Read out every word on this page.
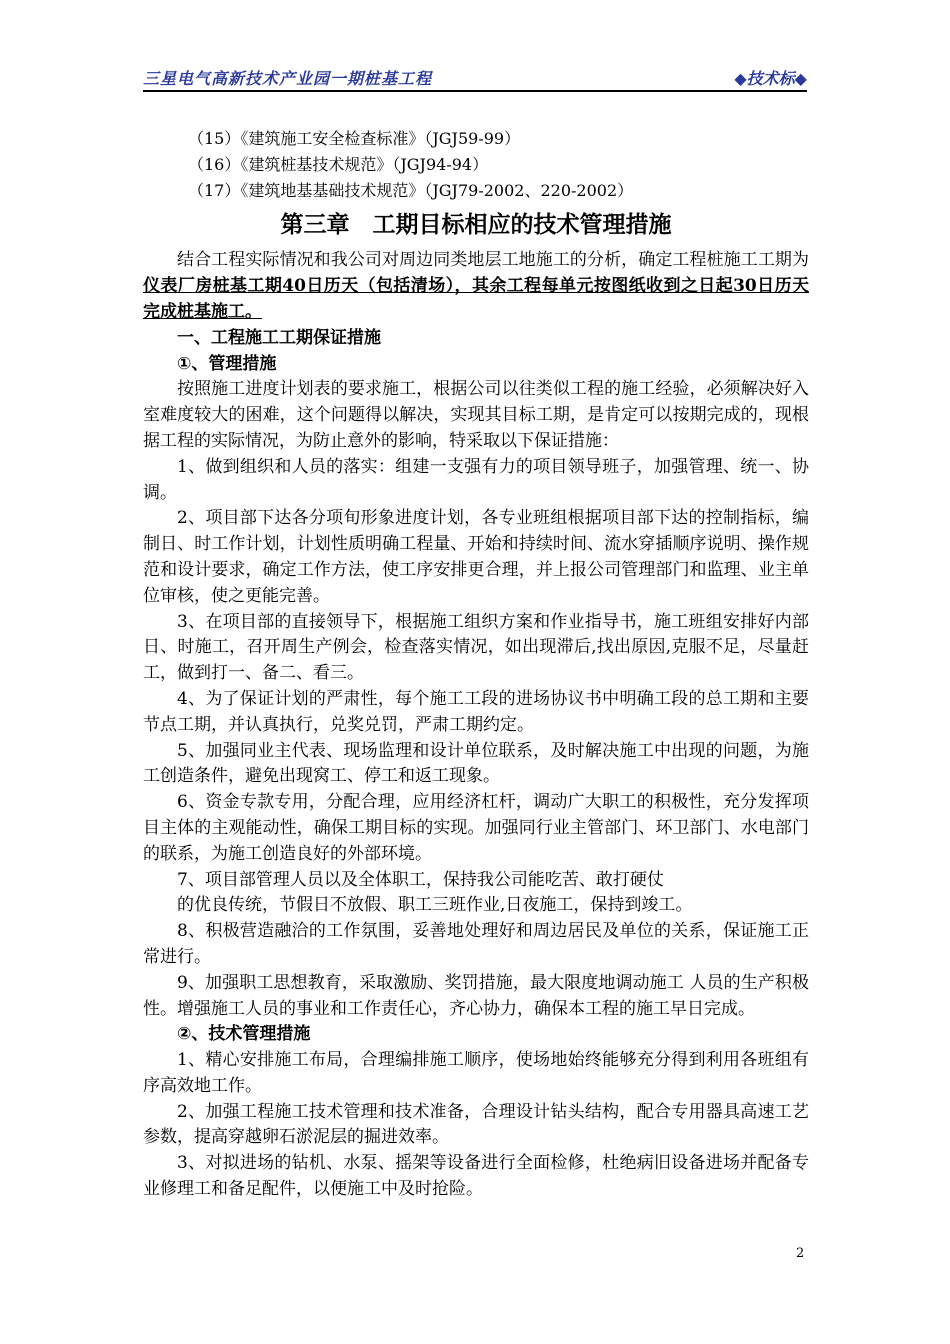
三星电气高新技术产业园一期桩基工程	◆技术标◆
（15）《建筑施工安全检查标准》（JGJ59-99）
（16）《建筑桩基技术规范》（JGJ94-94）
（17）《建筑地基基础技术规范》（JGJ79-2002、220-2002）
第三章　工期目标相应的技术管理措施
结合工程实际情况和我公司对周边同类地层工地施工的分析，确定工程桩施工工期为仪表厂房桩基工期40日历天（包括清场），其余工程每单元按图纸收到之日起30日历天完成桩基施工。
一、工程施工工期保证措施
①、管理措施
按照施工进度计划表的要求施工，根据公司以往类似工程的施工经验，必须解决好入室难度较大的困难，这个问题得以解决，实现其目标工期，是肯定可以按期完成的，现根据工程的实际情况，为防止意外的影响，特采取以下保证措施：
1、做到组织和人员的落实：组建一支强有力的项目领导班子，加强管理、统一、协调。
2、项目部下达各分项旬形象进度计划，各专业班组根据项目部下达的控制指标，编制日、时工作计划，计划性质明确工程量、开始和持续时间、流水穿插顺序说明、操作规范和设计要求，确定工作方法，使工序安排更合理，并上报公司管理部门和监理、业主单位审核，使之更能完善。
3、在项目部的直接领导下，根据施工组织方案和作业指导书，施工班组安排好内部日、时施工，召开周生产例会，检查落实情况，如出现滞后,找出原因,克服不足，尽量赶工，做到打一、备二、看三。
4、为了保证计划的严肃性，每个施工工段的进场协议书中明确工段的总工期和主要节点工期，并认真执行，兑奖兑罚，严肃工期约定。
5、加强同业主代表、现场监理和设计单位联系，及时解决施工中出现的问题，为施工创造条件，避免出现窝工、停工和返工现象。
6、资金专款专用，分配合理，应用经济杠杆，调动广大职工的积极性，充分发挥项目主体的主观能动性，确保工期目标的实现。加强同行业主管部门、环卫部门、水电部门的联系，为施工创造良好的外部环境。
7、项目部管理人员以及全体职工，保持我公司能吃苦、敢打硬仗
的优良传统，节假日不放假、职工三班作业,日夜施工，保持到竣工。
8、积极营造融洽的工作氛围，妥善地处理好和周边居民及单位的关系，保证施工正常进行。
9、加强职工思想教育，采取激励、奖罚措施，最大限度地调动施工 人员的生产积极性。增强施工人员的事业和工作责任心，齐心协力，确保本工程的施工早日完成。
②、技术管理措施
1、精心安排施工布局，合理编排施工顺序，使场地始终能够充分得到利用各班组有序高效地工作。
2、加强工程施工技术管理和技术准备，合理设计钻头结构，配合专用器具高速工艺参数，提高穿越卵石淤泥层的掘进效率。
3、对拟进场的钻机、水泵、摇架等设备进行全面检修，杜绝病旧设备进场并配备专业修理工和备足配件，以便施工中及时抢险。
2
